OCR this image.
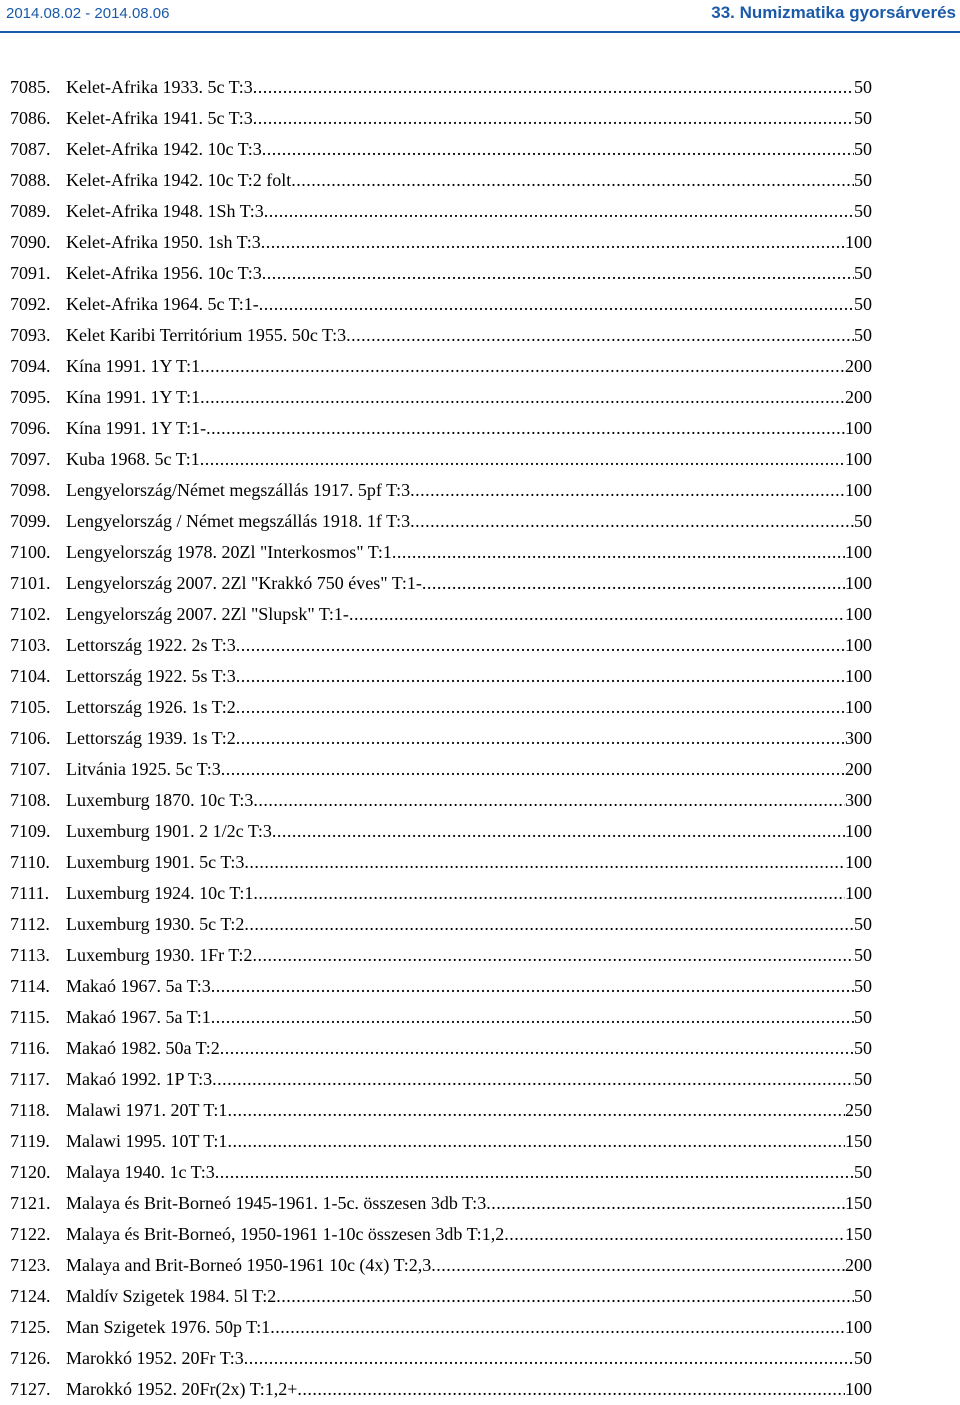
2014.08.02 - 2014.08.06	33. Numizmatika gyorsárverés
7085. Kelet-Afrika 1933. 5c T:3 .....	50
7086. Kelet-Afrika 1941. 5c T:3 .....	50
7087. Kelet-Afrika 1942. 10c T:3 .....	50
7088. Kelet-Afrika 1942. 10c T:2 folt .....	50
7089. Kelet-Afrika 1948. 1Sh T:3 .....	50
7090. Kelet-Afrika 1950. 1sh T:3 .....	100
7091. Kelet-Afrika 1956. 10c T:3 .....	50
7092. Kelet-Afrika 1964. 5c T:1- .....	50
7093. Kelet Karibi Territórium 1955. 50c T:3 .....	50
7094. Kína 1991. 1Y T:1 .....	200
7095. Kína 1991. 1Y T:1 .....	200
7096. Kína 1991. 1Y T:1- .....	100
7097. Kuba 1968. 5c T:1 .....	100
7098. Lengyelország/Német megszállás 1917. 5pf T:3 .....	100
7099. Lengyelország / Német megszállás 1918. 1f T:3 .....	50
7100. Lengyelország 1978. 20Zl "Interkosmos" T:1 .....	100
7101. Lengyelország 2007. 2Zl "Krakkó 750 éves" T:1- .....	100
7102. Lengyelország 2007. 2Zl "Slupsk" T:1- .....	100
7103. Lettország 1922. 2s T:3 .....	100
7104. Lettország 1922. 5s T:3 .....	100
7105. Lettország 1926. 1s T:2 .....	100
7106. Lettország 1939. 1s T:2 .....	300
7107. Litvánia 1925. 5c T:3 .....	200
7108. Luxemburg 1870. 10c T:3 .....	300
7109. Luxemburg 1901. 2 1/2c T:3 .....	100
7110. Luxemburg 1901. 5c T:3 .....	100
7111. Luxemburg 1924. 10c T:1 .....	100
7112. Luxemburg 1930. 5c T:2 .....	50
7113. Luxemburg 1930. 1Fr T:2 .....	50
7114. Makaó 1967. 5a T:3 .....	50
7115. Makaó 1967. 5a T:1 .....	50
7116. Makaó 1982. 50a T:2 .....	50
7117. Makaó 1992. 1P T:3 .....	50
7118. Malawi 1971. 20T T:1 .....	250
7119. Malawi 1995. 10T T:1 .....	150
7120. Malaya 1940. 1c T:3 .....	50
7121. Malaya és Brit-Borneó 1945-1961. 1-5c. összesen 3db T:3 .....	150
7122. Malaya és Brit-Borneó, 1950-1961 1-10c összesen 3db T:1,2 .....	150
7123. Malaya and Brit-Borneó 1950-1961 10c (4x) T:2,3 .....	200
7124. Maldív Szigetek 1984. 5l T:2 .....	50
7125. Man Szigetek 1976. 50p T:1 .....	100
7126. Marokkó 1952. 20Fr T:3 .....	50
7127. Marokkó 1952. 20Fr(2x) T:1,2+ .....	100
